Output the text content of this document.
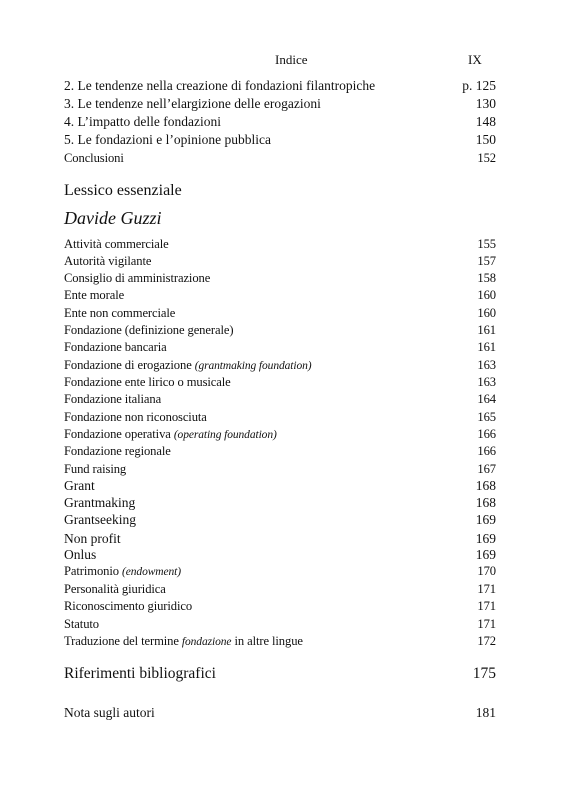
Indice	IX
2. Le tendenze nella creazione di fondazioni filantropiche	p. 125
3. Le tendenze nell’elargizione delle erogazioni	130
4. L’impatto delle fondazioni	148
5. Le fondazioni e l’opinione pubblica	150
Conclusioni	152
Lessico essenziale
Davide Guzzi
Attività commerciale	155
Autorità vigilante	157
Consiglio di amministrazione	158
Ente morale	160
Ente non commerciale	160
Fondazione (definizione generale)	161
Fondazione bancaria	161
Fondazione di erogazione (grantmaking foundation)	163
Fondazione ente lirico o musicale	163
Fondazione italiana	164
Fondazione non riconosciuta	165
Fondazione operativa (operating foundation)	166
Fondazione regionale	166
Fund raising	167
Grant	168
Grantmaking	168
Grantseeking	169
Non profit	169
Onlus	169
Patrimonio (endowment)	170
Personalità giuridica	171
Riconoscimento giuridico	171
Statuto	171
Traduzione del termine fondazione in altre lingue	172
Riferimenti bibliografici	175
Nota sugli autori	181
